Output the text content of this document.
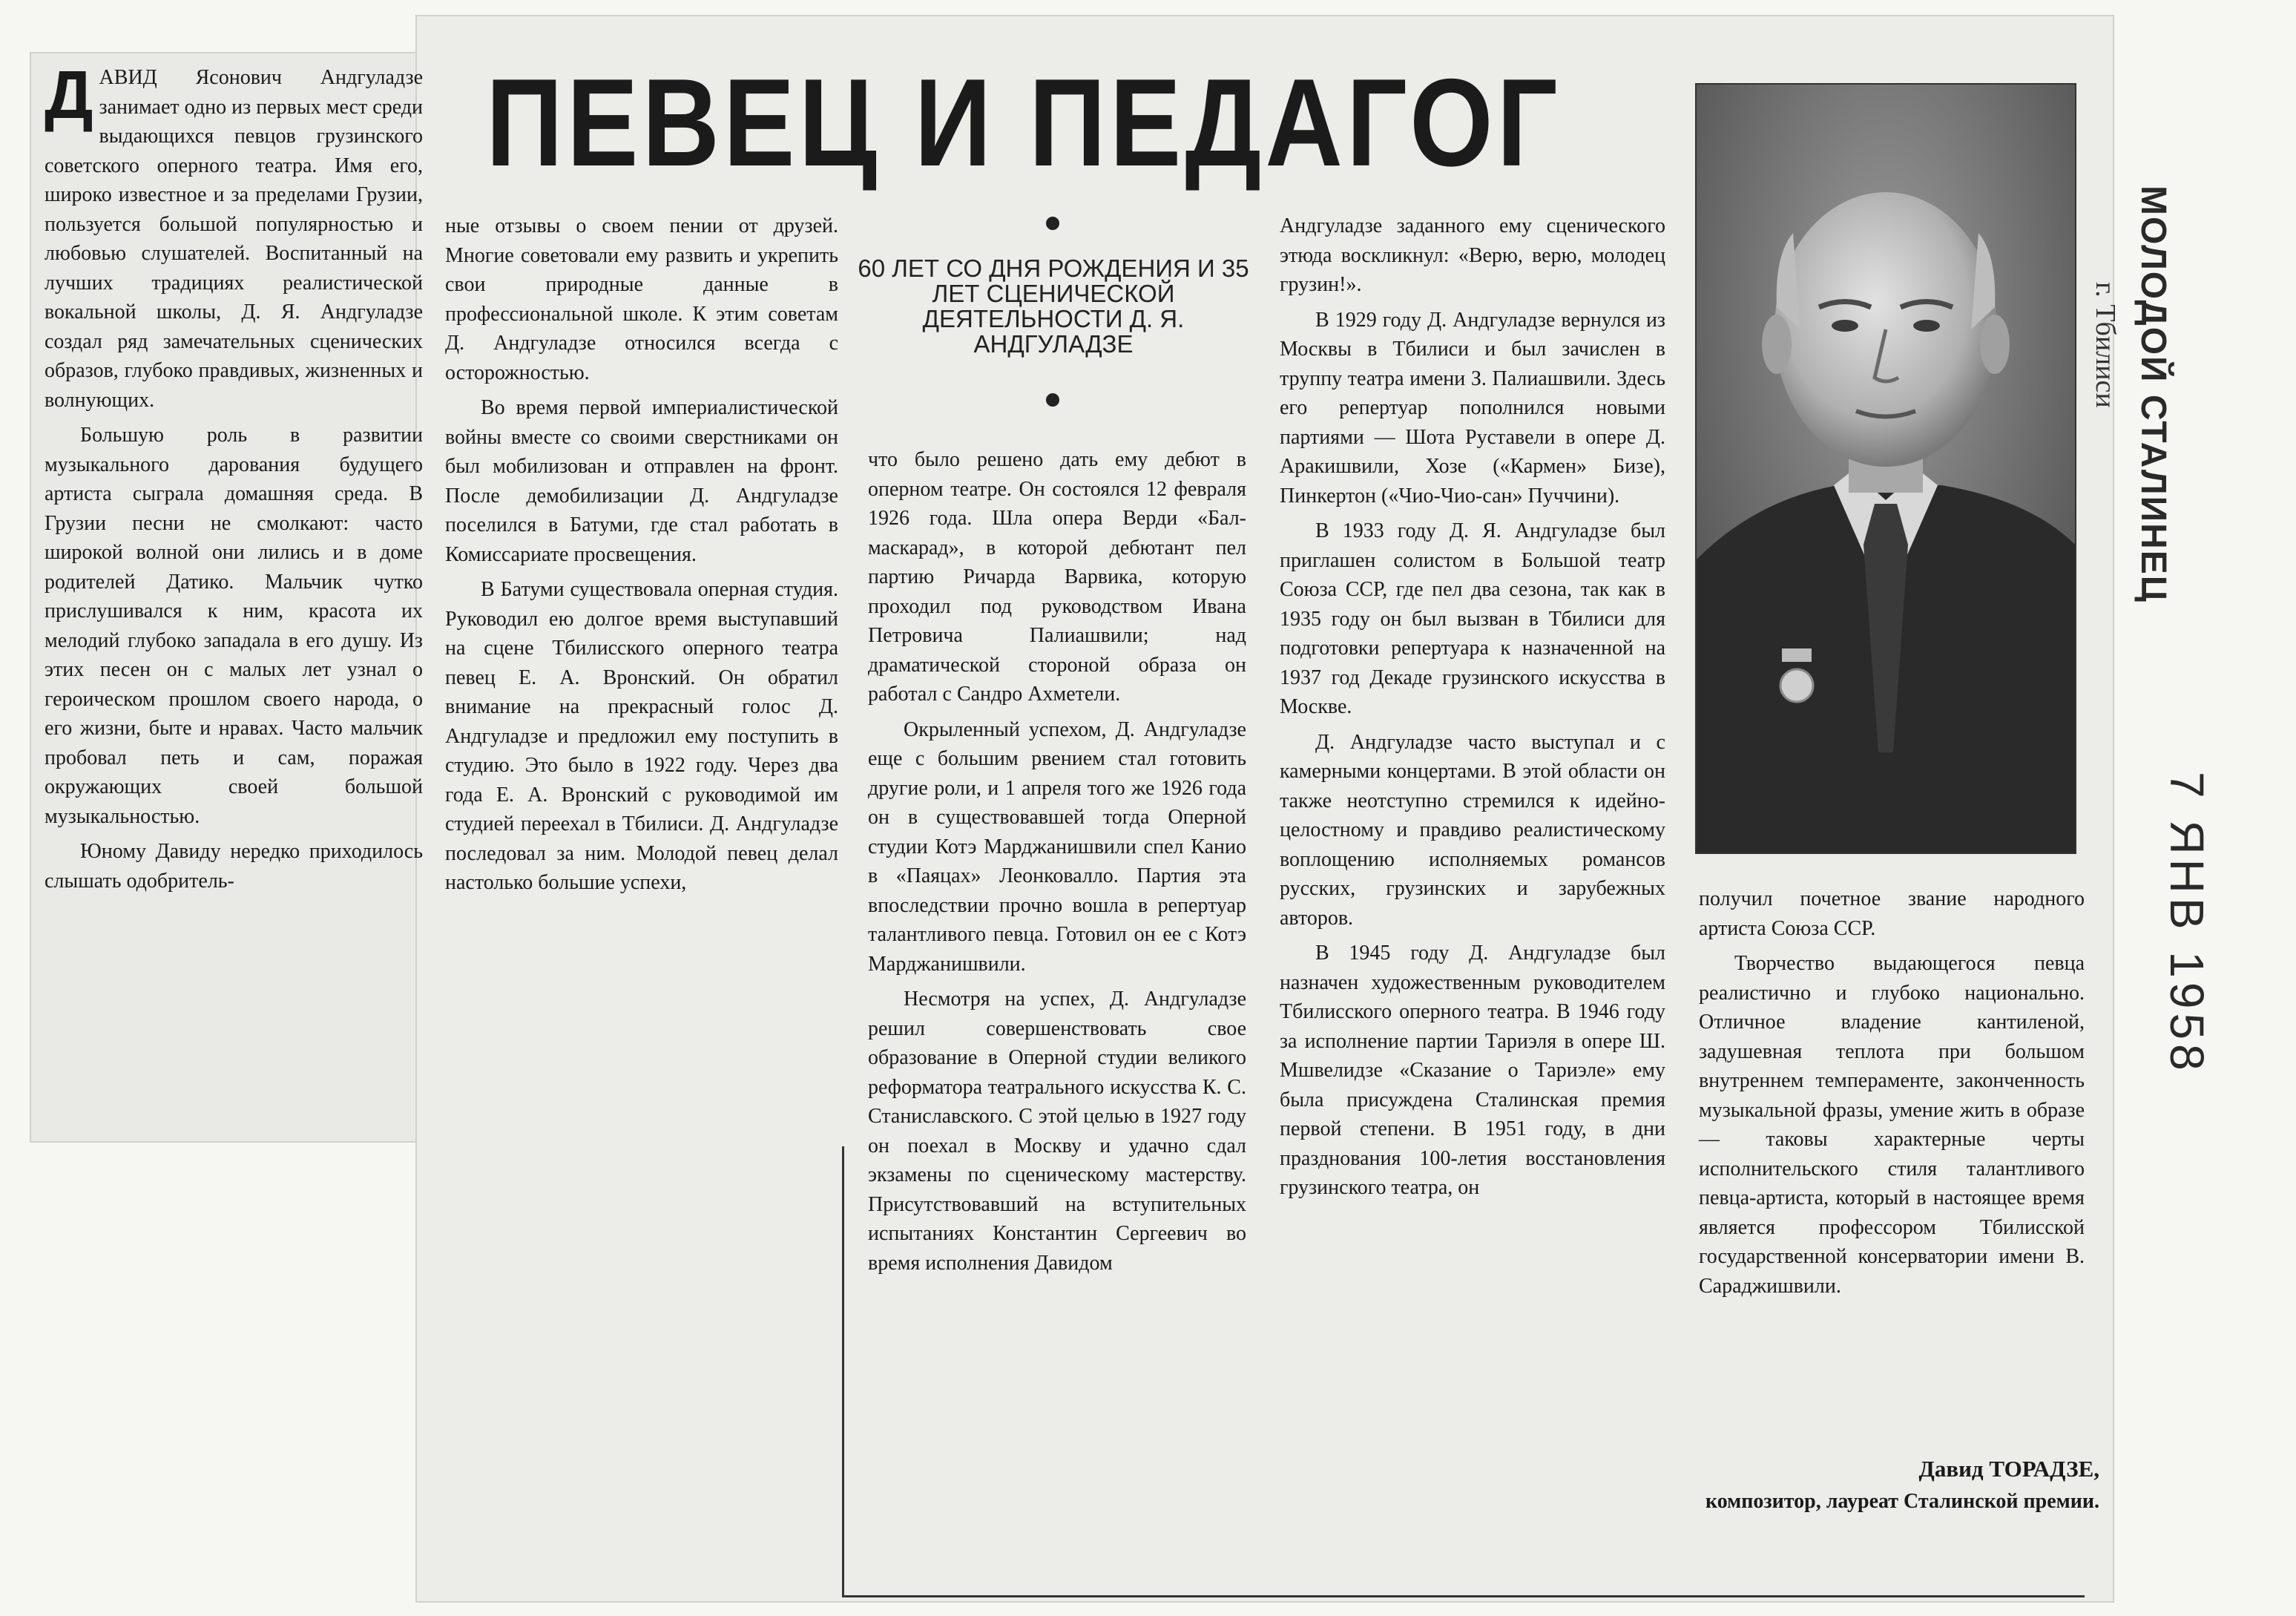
ПЕВЕЦ И ПЕДАГОГ

ДАВИД Ясонович Андгуладзе занимает одно из первых мест среди выдающихся певцов грузинского советского оперного театра. Имя его, широко известное и за пределами Грузии, пользуется большой популярностью и любовью слушателей. Воспитанный на лучших традициях реалистической вокальной школы, Д. Я. Андгуладзе создал ряд замечательных сценических образов, глубоко правдивых, жизненных и волнующих.

Большую роль в развитии музыкального дарования будущего артиста сыграла домашняя среда. В Грузии песни не смолкают: часто широкой волной они лились и в доме родителей Датико. Мальчик чутко прислушивался к ним, красота их мелодий глубоко западала в его душу. Из этих песен он с малых лет узнал о героическом прошлом своего народа, о его жизни, быте и нравах. Часто мальчик пробовал петь и сам, поражая окружающих своей большой музыкальностью.

Юному Давиду нередко приходилось слышать одобритель-

ные отзывы о своем пении от друзей. Многие советовали ему развить и укрепить свои природные данные в профессиональной школе. К этим советам Д. Андгуладзе относился всегда с осторожностью.

Во время первой империалистической войны вместе со своими сверстниками он был мобилизован и отправлен на фронт. После демобилизации Д. Андгуладзе поселился в Батуми, где стал работать в Комиссариате просвещения.

В Батуми существовала оперная студия. Руководил ею долгое время выступавший на сцене Тбилисского оперного театра певец Е. А. Вронский. Он обратил внимание на прекрасный голос Д. Андгуладзе и предложил ему поступить в студию. Это было в 1922 году. Через два года Е. А. Вронский с руководимой им студией переехал в Тбилиси. Д. Андгуладзе последовал за ним. Молодой певец делал настолько большие успехи,

60 ЛЕТ СО ДНЯ РОЖДЕНИЯ И 35 ЛЕТ СЦЕНИЧЕСКОЙ ДЕЯТЕЛЬНОСТИ Д. Я. АНДГУЛАДЗЕ

что было решено дать ему дебют в оперном театре. Он состоялся 12 февраля 1926 года. Шла опера Верди «Бал-маскарад», в которой дебютант пел партию Ричарда Варвика, которую проходил под руководством Ивана Петровича Палиашвили; над драматической стороной образа он работал с Сандро Ахметели.

Окрыленный успехом, Д. Андгуладзе еще с большим рвением стал готовить другие роли, и 1 апреля того же 1926 года он в существовавшей тогда Оперной студии Котэ Марджанишвили спел Канио в «Паяцах» Леонковалло. Партия эта впоследствии прочно вошла в репертуар талантливого певца. Готовил он ее с Котэ Марджанишвили.

Несмотря на успех, Д. Андгуладзе решил совершенствовать свое образование в Оперной студии великого реформатора театрального искусства К. С. Станиславского. С этой целью в 1927 году он поехал в Москву и удачно сдал экзамены по сценическому мастерству. Присутствовавший на вступительных испытаниях Константин Сергеевич во время исполнения Давидом

Андгуладзе заданного ему сценического этюда воскликнул: «Верю, верю, молодец грузин!».

В 1929 году Д. Андгуладзе вернулся из Москвы в Тбилиси и был зачислен в труппу театра имени З. Палиашвили. Здесь его репертуар пополнился новыми партиями — Шота Руставели в опере Д. Аракишвили, Хозе («Кармен» Бизе), Пинкертон («Чио-Чио-сан» Пуччини).

В 1933 году Д. Я. Андгуладзе был приглашен солистом в Большой театр Союза ССР, где пел два сезона, так как в 1935 году он был вызван в Тбилиси для подготовки репертуара к назначенной на 1937 год Декаде грузинского искусства в Москве.

Д. Андгуладзе часто выступал и с камерными концертами. В этой области он также неотступно стремился к идейно-целостному и правдиво реалистическому воплощению исполняемых романсов русских, грузинских и зарубежных авторов.

В 1945 году Д. Андгуладзе был назначен художественным руководителем Тбилисского оперного театра. В 1946 году за исполнение партии Тариэля в опере Ш. Мшвелидзе «Сказание о Тариэле» ему была присуждена Сталинская премия первой степени. В 1951 году, в дни празднования 100-летия восстановления грузинского театра, он

получил почетное звание народного артиста Союза ССР.

Творчество выдающегося певца реалистично и глубоко национально. Отличное владение кантиленой, задушевная теплота при большом внутреннем темпераменте, законченность музыкальной фразы, умение жить в образе — таковы характерные черты исполнительского стиля талантливого певца-артиста, который в настоящее время является профессором Тбилисской государственной консерватории имени В. Сараджишвили.

Давид ТОРАДЗЕ,
композитор, лауреат Сталинской премии.
МОЛОДОЙ СТАЛИНЕЦ
г. Тбилиси
7 ЯНВ 1958
